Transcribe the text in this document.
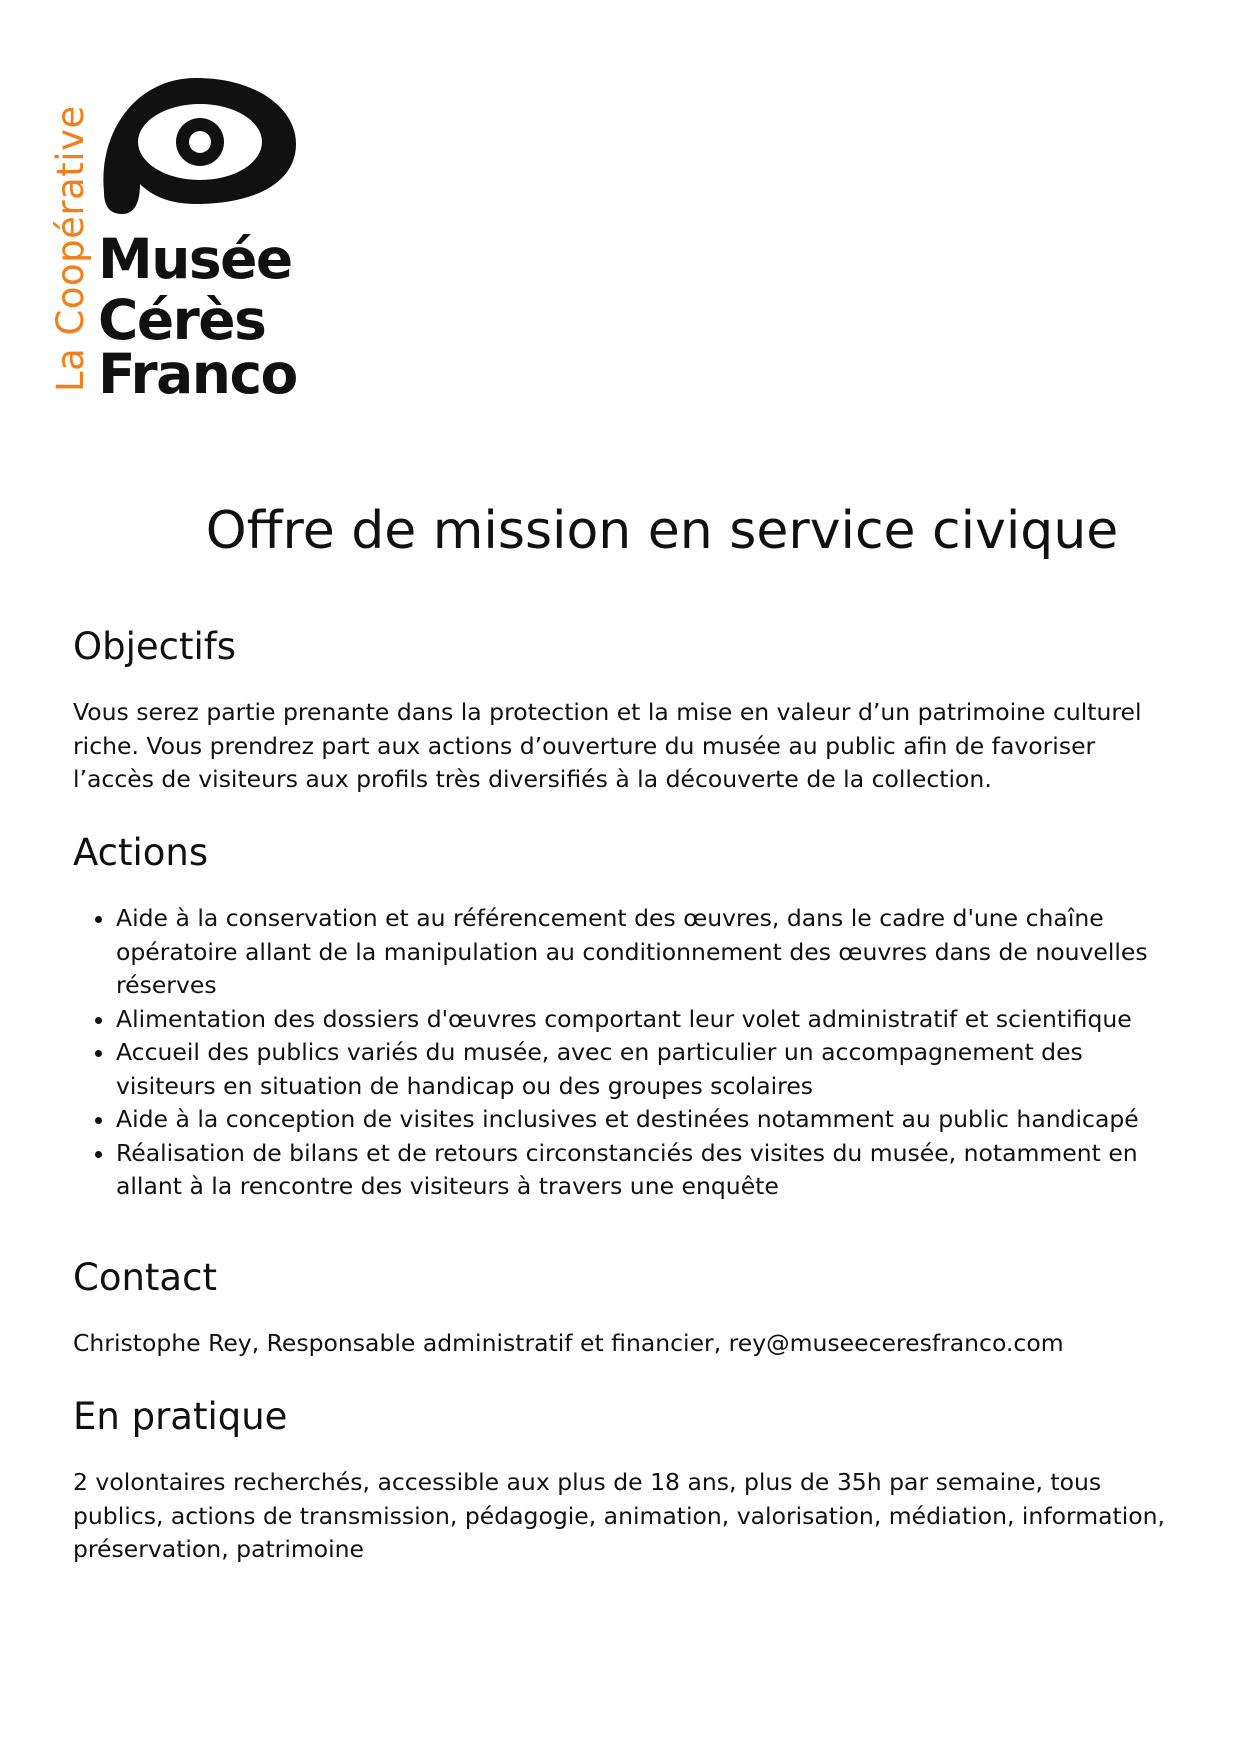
La Coopérative Musée
Cérès
Franco
Offre de mission en service civique
Objectifs

Vous serez partie prenante dans la protection et la mise en valeur d’un patrimoine culturel riche. Vous prendrez part aux actions d’ouverture du musée au public afin de favoriser l’accès de visiteurs aux profils très diversifiés à la découverte de la collection.

Actions
• Aide à la conservation et au référencement des œuvres, dans le cadre d'une chaîne opératoire allant de la manipulation au conditionnement des œuvres dans de nouvelles réserves
• Alimentation des dossiers d'œuvres comportant leur volet administratif et scientifique
• Accueil des publics variés du musée, avec en particulier un accompagnement des visiteurs en situation de handicap ou des groupes scolaires
• Aide à la conception de visites inclusives et destinées notamment au public handicapé
• Réalisation de bilans et de retours circonstanciés des visites du musée, notamment en allant à la rencontre des visiteurs à travers une enquête
Contact

Christophe Rey, Responsable administratif et financier, rey@museeceresfranco.com

En pratique

2 volontaires recherchés, accessible aux plus de 18 ans, plus de 35h par semaine, tous publics, actions de transmission, pédagogie, animation, valorisation, médiation, information, préservation, patrimoine
